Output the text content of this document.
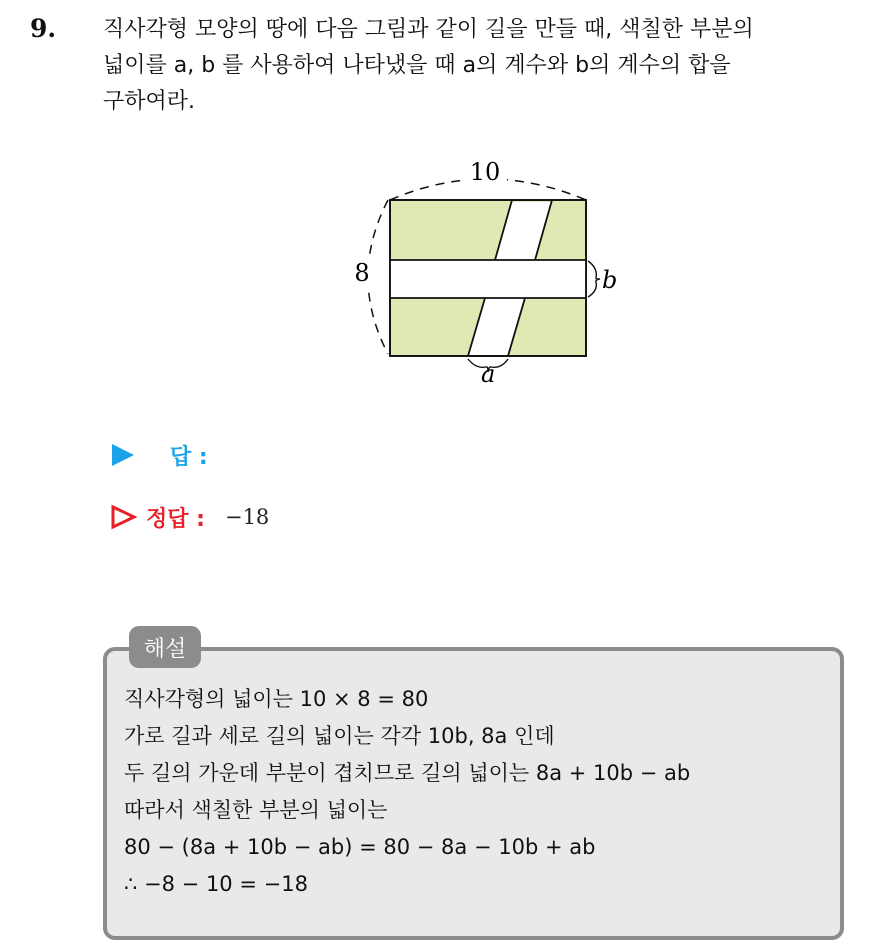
9. 직사각형 모양의 땅에 다음 그림과 같이 길을 만들 때, 색칠한 부분의
넓이를 a, b 를 사용하여 나타냈을 때 a의 계수와 b의 계수의 합을
구하여라.
10
8	b
a
답 :
정답 : −18
해설
직사각형의 넓이는 10 × 8 = 80
가로 길과 세로 길의 넓이는 각각 10b, 8a 인데
두 길의 가운데 부분이 겹치므로 길의 넓이는 8a + 10b − ab
따라서 색칠한 부분의 넓이는
80 − (8a + 10b − ab) = 80 − 8a − 10b + ab
∴ −8 − 10 = −18
